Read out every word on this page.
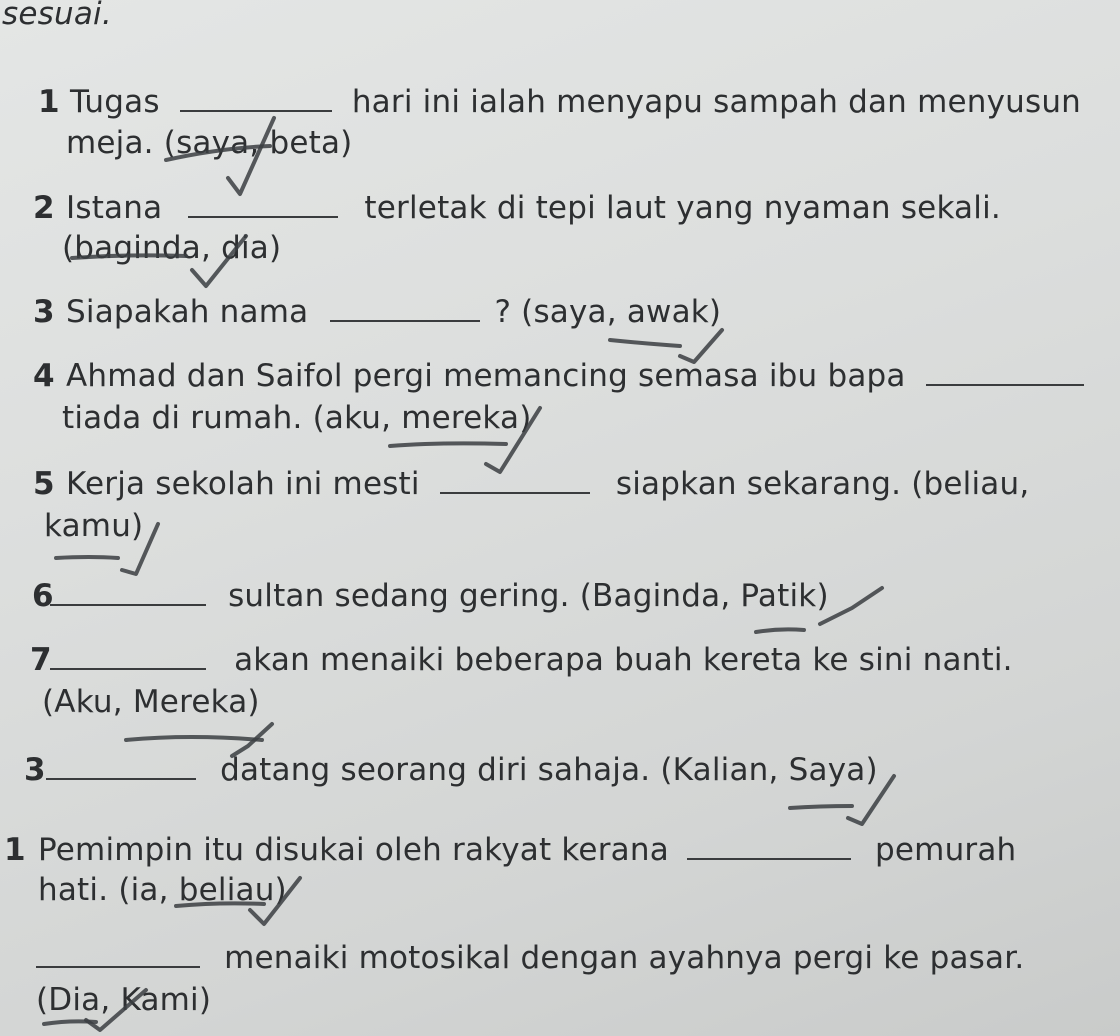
sesuai.
1 Tugas	hari ini ialah menyapu sampah dan menyusun
meja. (saya, beta)
2 Istana	terletak di tepi laut yang nyaman sekali.
(baginda, dia)
3 Siapakah nama	? (saya, awak)
4 Ahmad dan Saifol pergi memancing semasa ibu bapa
tiada di rumah. (aku, mereka)
5 Kerja sekolah ini mesti	siapkan sekarang. (beliau,
kamu)
6	sultan sedang gering. (Baginda, Patik)
7	akan menaiki beberapa buah kereta ke sini nanti.
(Aku, Mereka)
3	datang seorang diri sahaja. (Kalian, Saya)
1 Pemimpin itu disukai oleh rakyat kerana	pemurah
hati. (ia, beliau)
menaiki motosikal dengan ayahnya pergi ke pasar.
(Dia, Kami)
